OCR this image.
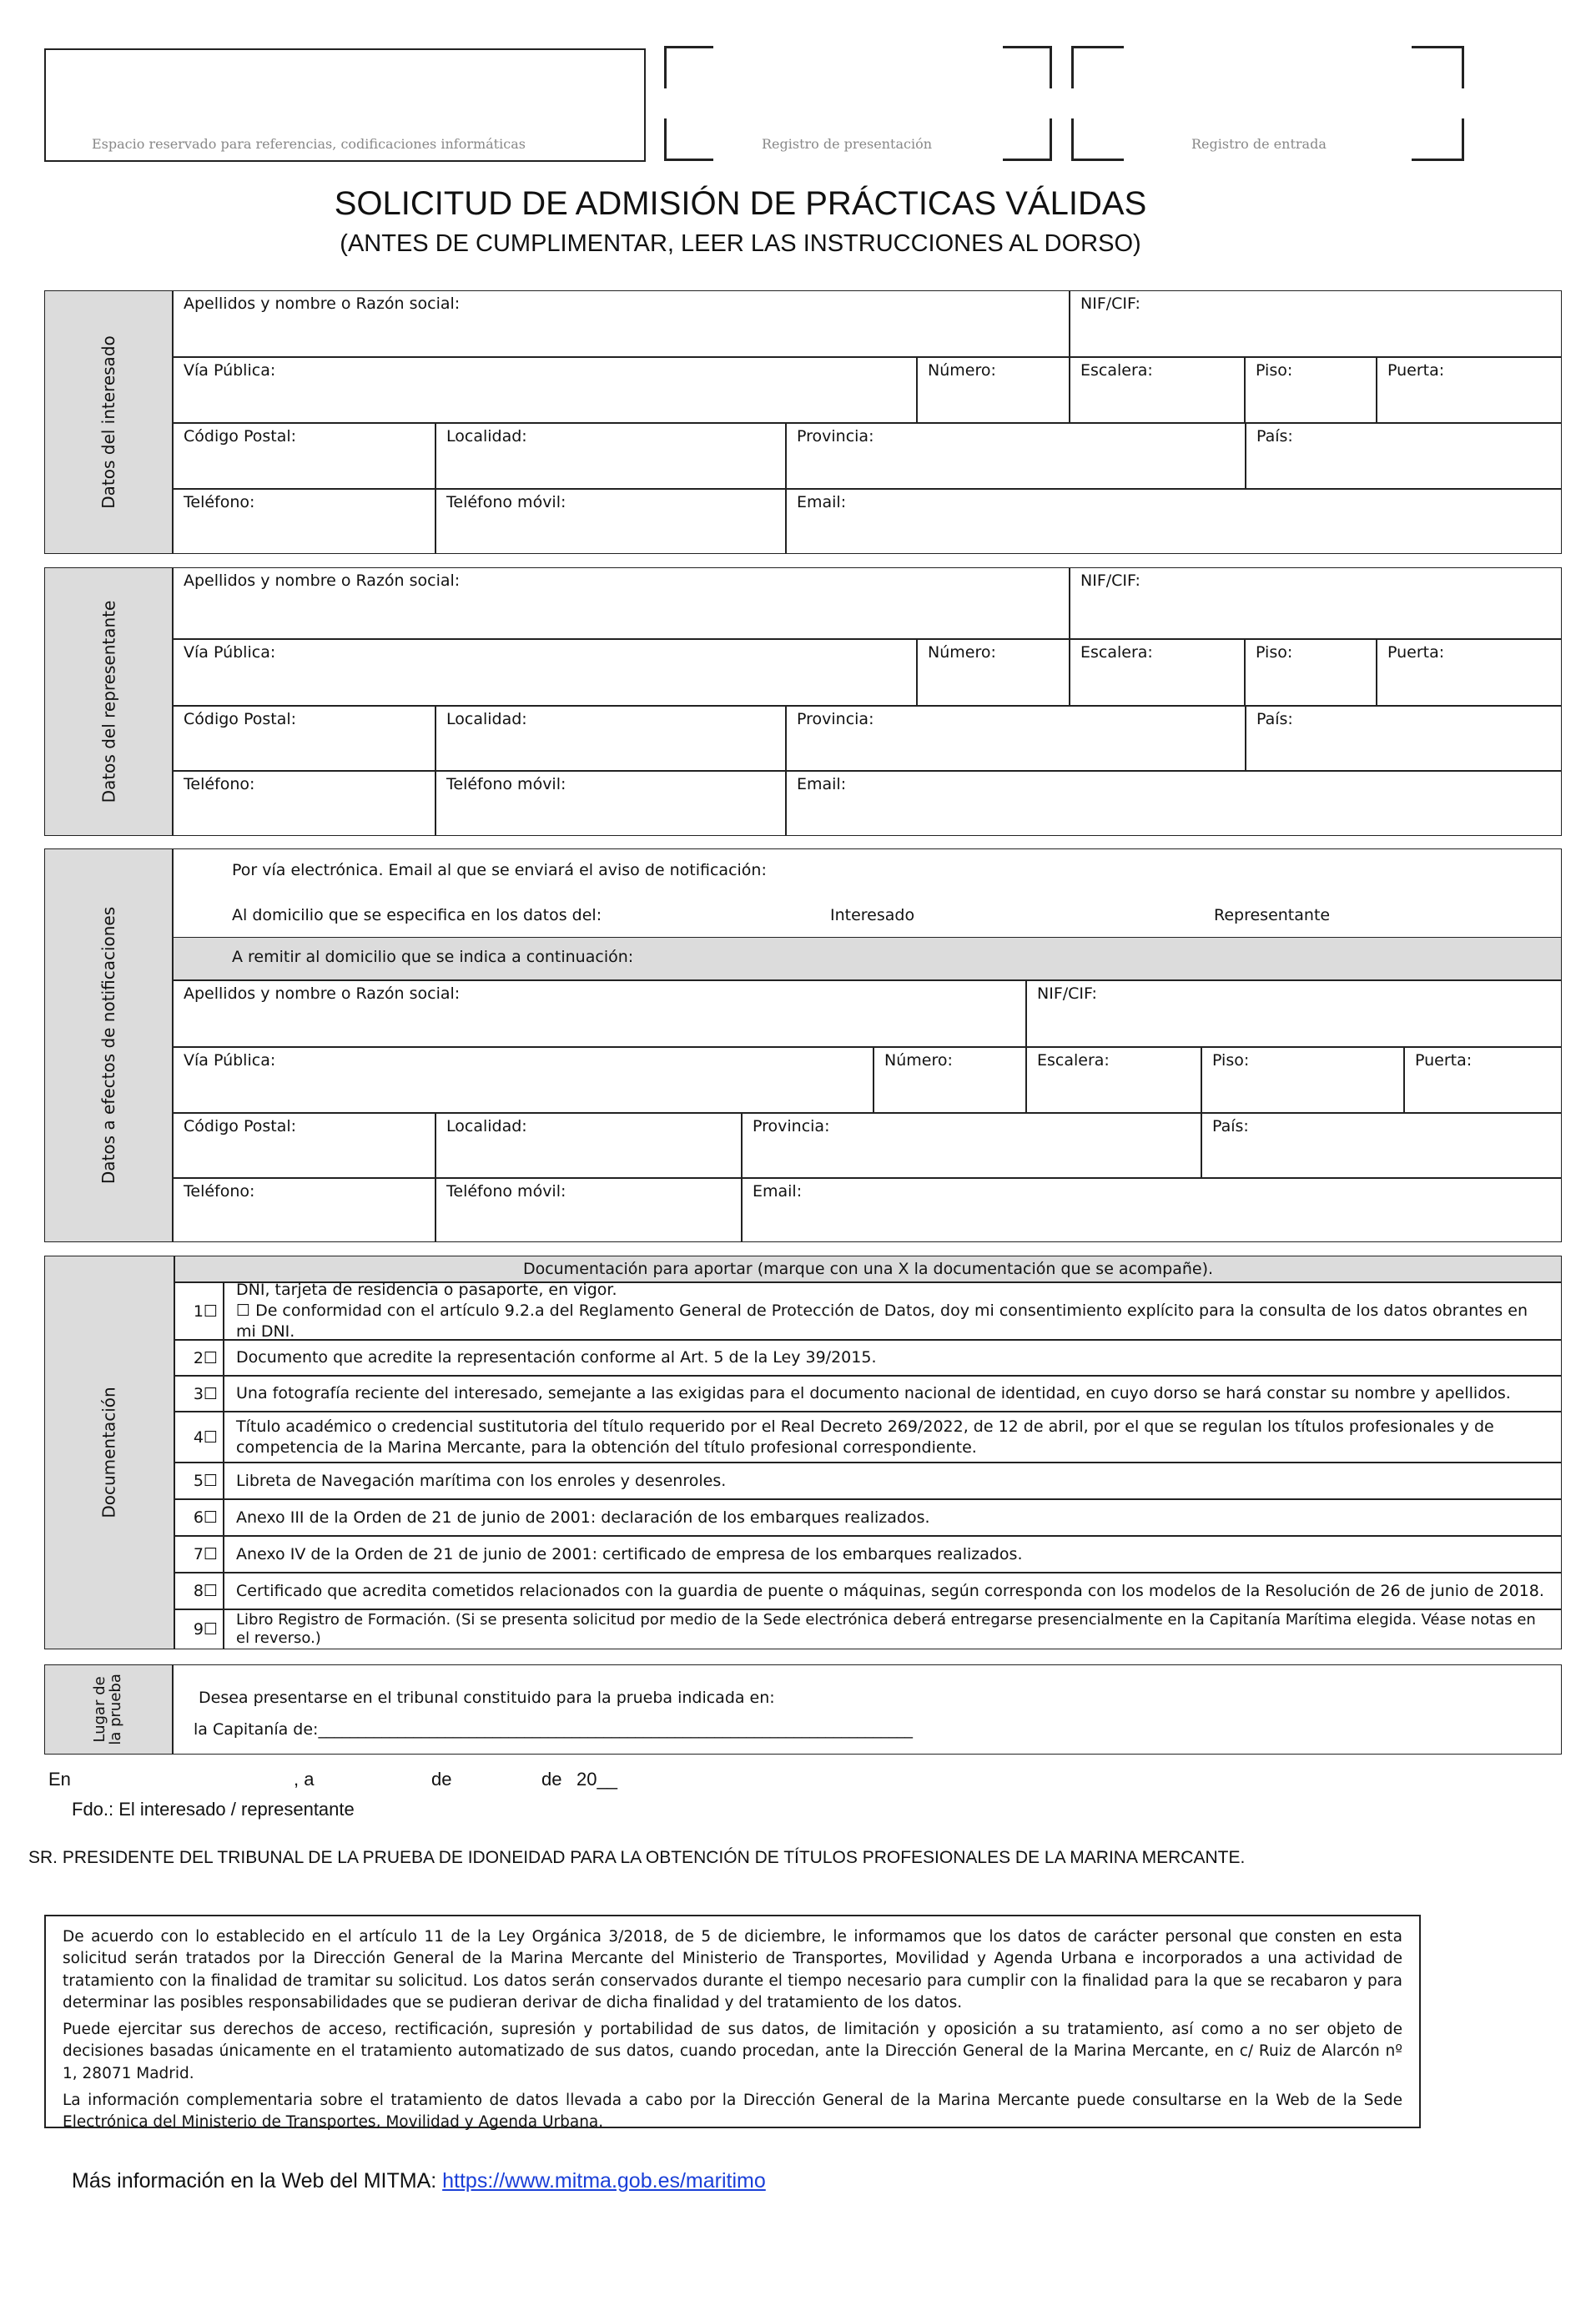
Espacio reservado para referencias, codificaciones informáticas	Registro de presentación	Registro de entrada
SOLICITUD DE ADMISIÓN DE PRÁCTICAS VÁLIDAS
(ANTES DE CUMPLIMENTAR, LEER LAS INSTRUCCIONES AL DORSO)
Datos del interesado
Apellidos y nombre o Razón social:	NIF/CIF:
Vía Pública:	Número:	Escalera:	Piso:	Puerta:
Código Postal:	Localidad:	Provincia:	País:
Teléfono:	Teléfono móvil:	Email:
Datos del representante
Apellidos y nombre o Razón social:	NIF/CIF:
Vía Pública:	Número:	Escalera:	Piso:	Puerta:
Código Postal:	Localidad:	Provincia:	País:
Teléfono:	Teléfono móvil:	Email:
Datos a efectos de notificaciones
Por vía electrónica. Email al que se enviará el aviso de notificación:
Al domicilio que se especifica en los datos del:	Interesado	Representante
A remitir al domicilio que se indica a continuación:
Apellidos y nombre o Razón social:	NIF/CIF:
Vía Pública:	Número:	Escalera:	Piso:	Puerta:
Código Postal:	Localidad:	Provincia:	País:
Teléfono:	Teléfono móvil:	Email:
Documentación
Documentación para aportar (marque con una X la documentación que se acompañe).
1☐
DNI, tarjeta de residencia o pasaporte, en vigor.
☐ De conformidad con el artículo 9.2.a del Reglamento General de Protección de Datos, doy mi consentimiento explícito para la consulta de los datos obrantes en mi DNI.
2☐ Documento que acredite la representación conforme al Art. 5 de la Ley 39/2015.
3☐ Una fotografía reciente del interesado, semejante a las exigidas para el documento nacional de identidad, en cuyo dorso se hará constar su nombre y apellidos.
4☐
Título académico o credencial sustitutoria del título requerido por el Real Decreto 269/2022, de 12 de abril, por el que se regulan los títulos profesionales y de competencia de la Marina Mercante, para la obtención del título profesional correspondiente.
5☐ Libreta de Navegación marítima con los enroles y desenroles.
6☐ Anexo III de la Orden de 21 de junio de 2001: declaración de los embarques realizados.
7☐ Anexo IV de la Orden de 21 de junio de 2001: certificado de empresa de los embarques realizados.
8☐ Certificado que acredita cometidos relacionados con la guardia de puente o máquinas, según corresponda con los modelos de la Resolución de 26 de junio de 2018.
9☐
Libro Registro de Formación. (Si se presenta solicitud por medio de la Sede electrónica deberá entregarse presencialmente en la Capitanía Marítima elegida. Véase notas en el reverso.)
Lugar de la prueba	Desea presentarse en el tribunal constituido para la prueba indicada en:
la Capitanía de:___________________________________________________________________________
En	, a	de	de 20__
Fdo.: El interesado / representante
SR. PRESIDENTE DEL TRIBUNAL DE LA PRUEBA DE IDONEIDAD PARA LA OBTENCIÓN DE TÍTULOS PROFESIONALES DE LA MARINA MERCANTE.

De acuerdo con lo establecido en el artículo 11 de la Ley Orgánica 3/2018, de 5 de diciembre, le informamos que los datos de carácter personal que consten en esta solicitud serán tratados por la Dirección General de la Marina Mercante del Ministerio de Transportes, Movilidad y Agenda Urbana e incorporados a una actividad de tratamiento con la finalidad de tramitar su solicitud. Los datos serán conservados durante el tiempo necesario para cumplir con la finalidad para la que se recabaron y para determinar las posibles responsabilidades que se pudieran derivar de dicha finalidad y del tratamiento de los datos.

Puede ejercitar sus derechos de acceso, rectificación, supresión y portabilidad de sus datos, de limitación y oposición a su tratamiento, así como a no ser objeto de decisiones basadas únicamente en el tratamiento automatizado de sus datos, cuando procedan, ante la Dirección General de la Marina Mercante, en c/ Ruiz de Alarcón nº 1, 28071 Madrid.

La información complementaria sobre el tratamiento de datos llevada a cabo por la Dirección General de la Marina Mercante puede consultarse en la Web de la Sede Electrónica del Ministerio de Transportes, Movilidad y Agenda Urbana.

Más información en la Web del MITMA: https://www.mitma.gob.es/maritimo
